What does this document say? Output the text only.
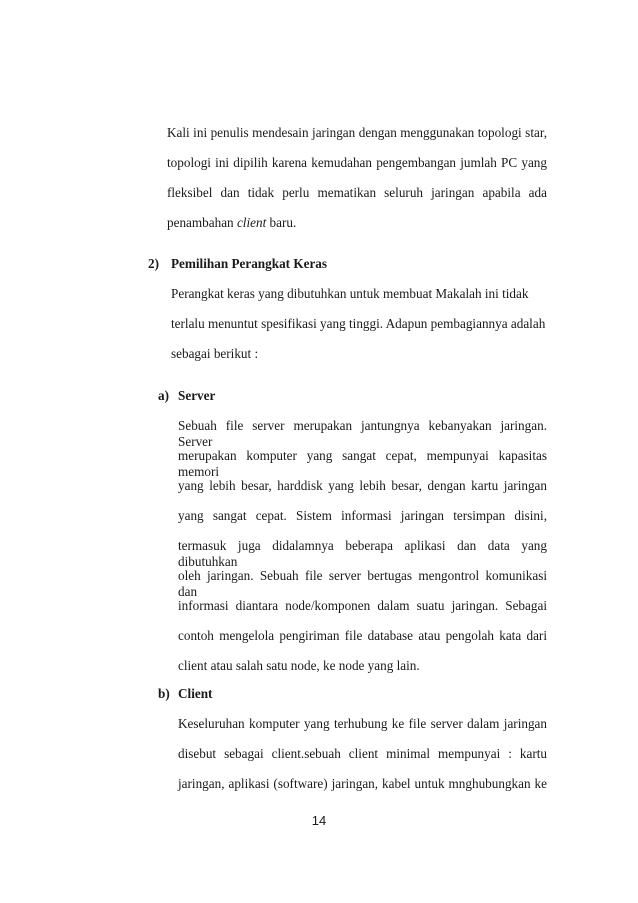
Kali ini penulis mendesain jaringan dengan menggunakan topologi star,
topologi ini dipilih karena kemudahan pengembangan jumlah PC yang
fleksibel dan tidak perlu mematikan seluruh jaringan apabila ada
penambahan client baru.
2) Pemilihan Perangkat Keras
Perangkat keras yang dibutuhkan untuk membuat Makalah ini tidak
terlalu menuntut spesifikasi yang tinggi. Adapun pembagiannya adalah
sebagai berikut :
a) Server
Sebuah file server merupakan jantungnya kebanyakan jaringan. Server
merupakan komputer yang sangat cepat, mempunyai kapasitas memori
yang lebih besar, harddisk yang lebih besar, dengan kartu jaringan
yang sangat cepat. Sistem informasi jaringan tersimpan disini,
termasuk juga didalamnya beberapa aplikasi dan data yang dibutuhkan
oleh jaringan. Sebuah file server bertugas mengontrol komunikasi dan
informasi diantara node/komponen dalam suatu jaringan. Sebagai
contoh mengelola pengiriman file database atau pengolah kata dari
client atau salah satu node, ke node yang lain.
b) Client
Keseluruhan komputer yang terhubung ke file server dalam jaringan
disebut sebagai client.sebuah client minimal mempunyai : kartu
jaringan, aplikasi (software) jaringan, kabel untuk mnghubungkan ke
14
